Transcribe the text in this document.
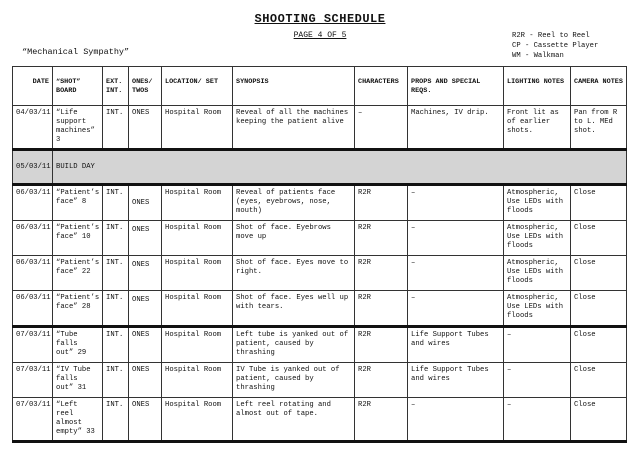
SHOOTING SCHEDULE
PAGE 4 OF 5	R2R - Reel to Reel
CP - Cassette Player
WM - Walkman
“Mechanical Sympathy”
DATE	“SHOT” BOARD	EXT. INT.	ONES/ TWOS	LOCATION/ SET	SYNOPSIS	CHARACTERS	PROPS AND SPECIAL REQS.	LIGHTING NOTES	CAMERA NOTES
04/03/11	“Life support machines” 3	INT.	ONES	Hospital Room	Reveal of all the machines keeping the patient alive	–	Machines, IV drip.	Front lit as of earlier shots.	Pan from R to L. MEd shot.
05/03/11	BUILD DAY								
06/03/11	“Patient’s face” 8	INT.	ONES	Hospital Room	Reveal of patients face (eyes, eyebrows, nose, mouth)	R2R	–	Atmospheric, Use LEDs with floods	Close
06/03/11	“Patient’s face” 10	INT.	ONES	Hospital Room	Shot of face. Eyebrows move up	R2R	–	Atmospheric, Use LEDs with floods	Close
06/03/11	“Patient’s face” 22	INT.	ONES	Hospital Room	Shot of face. Eyes move to right.	R2R	–	Atmospheric, Use LEDs with floods	Close
06/03/11	“Patient’s face” 28	INT.	ONES	Hospital Room	Shot of face. Eyes well up with tears.	R2R	–	Atmospheric, Use LEDs with floods	Close
07/03/11	“Tube falls out” 29	INT.	ONES	Hospital Room	Left tube is yanked out of patient, caused by thrashing	R2R	Life Support Tubes and wires	–	Close
07/03/11	“IV Tube falls out” 31	INT.	ONES	Hospital Room	IV Tube is yanked out of patient, caused by thrashing	R2R	Life Support Tubes and wires	–	Close
07/03/11	“Left reel almost empty” 33	INT.	ONES	Hospital Room	Left reel rotating and almost out of tape.	R2R	–	–	Close
